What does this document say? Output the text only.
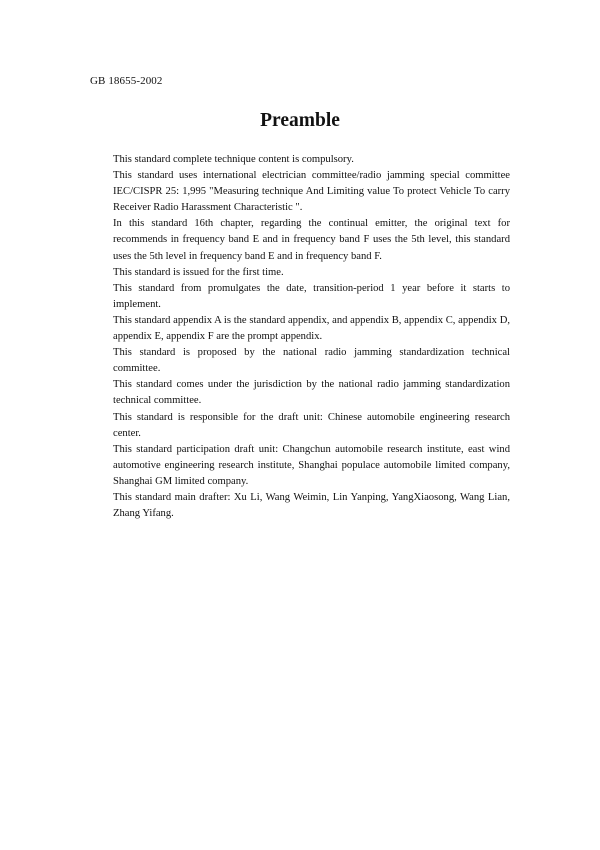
GB 18655-2002
Preamble

This standard complete technique content is compulsory.

This standard uses international electrician committee/radio jamming special committee IEC/CISPR 25: 1,995 "Measuring technique And Limiting value To protect Vehicle To carry Receiver Radio Harassment Characteristic ".

In this standard 16th chapter, regarding the continual emitter, the original text for recommends in frequency band E and in frequency band F uses the 5th level, this standard uses the 5th level in frequency band E and in frequency band F.

This standard is issued for the first time.

This standard from promulgates the date, transition-period 1 year before it starts to implement.

This standard appendix A is the standard appendix, and appendix B, appendix C, appendix D, appendix E, appendix F are the prompt appendix.

This standard is proposed by the national radio jamming standardization technical committee.

This standard comes under the jurisdiction by the national radio jamming standardization technical committee.

This standard is responsible for the draft unit: Chinese automobile engineering research center.

This standard participation draft unit: Changchun automobile research institute, east wind automotive engineering research institute, Shanghai populace automobile limited company, Shanghai GM limited company.

This standard main drafter: Xu Li, Wang Weimin, Lin Yanping, YangXiaosong, Wang Lian, Zhang Yifang.
